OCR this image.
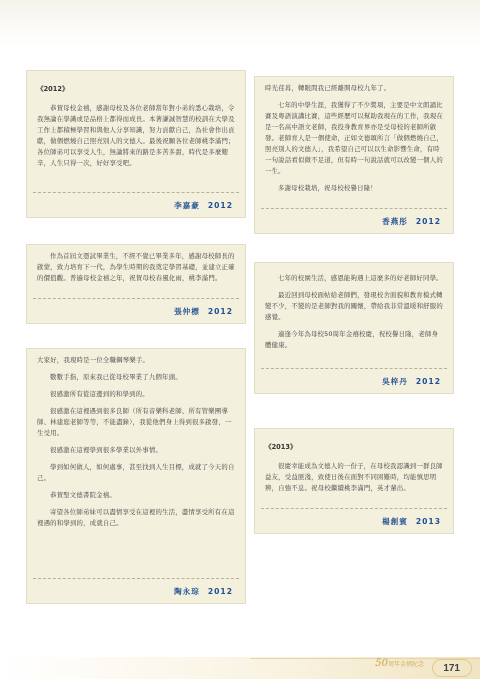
《2012》

恭賀母校金禧，感謝母校及各位老師當年對小弟的悉心栽培，令我無論在學識或是品格上都得而成長。本著謙誠智慧的校訓在大學及工作上都積極學習和與他人分享知識，努力貢獻自己，為社會作出貢獻，做個燃燒自己照亮別人的文德人。最後祝願各位老師桃李滿門；各位師弟可以享受人生，無論將來的路是多苦多甜，時代是多麼艱辛，人生只得一次，好好享受吧。

李嘉豪 2012

作為首屆文憑試畢業生，不經不覺已畢業多年，感謝母校師長的啟蒙，致力培育下一代，為學生時期的我奠定學習基礎，並建立正確的價值觀。普遍母校金禧之年，祝賀母校春風化雨，桃李滿門。

張仲標 2012

大家好，我現時是一位全職鋼琴樂手。

數數手指，原來我已從母校畢業了九個年頭。

很感激所有從這邊到的和學到的。

很感激在這裡遇到很多良師（所有音樂科老師、所有管樂團導師、林建庭老師等等，不能盡錄），我從他們身上得到很多啟發，一生受用。

很感激在這裡學到很多學業以外事情。

學到如何做人，如何處事，甚至找到人生目標，成就了今天的自己。

恭賀聖文德書院金禧。

寄望各位師弟妹可以盡情享受在這裡的生活，盡情享受所有在這裡遇的和學到的，成就自己。

陶永琮 2012

時光荏苒，轉眼間我已經離開母校九年了。

七年的中學生涯，我獲得了不少獎項，主要是中文朗誦比賽及粵語演講比賽，這些經歷可以幫助我現在的工作，我現在是一名高中語文老師，我投身教育界亦是受母校的老師所啟發。老師育人是一個使命，正如文德頌所言「做個燃燒自己，照亮別人的文德人」，我希望自己可以以生命影響生命，有時一句說話看似微不足道，但有時一句說話就可以改變一個人的一生。

多謝母校栽培，祝母校校譽日隆！

香燕彤 2012

七年的校園生活，感恩能夠遇上這麼多的好老師好同學。

最近回到母校面帖給老師們，發現校舍面貌和教育模式轉變不少，不變的是老師對我的關懷，帶給我非常溫暖和舒服的感覺。

適逢今年為母校50周年金禧校慶，祝校譽日隆，老師身體健康。

吳梓丹 2012
《2013》

很慶幸能成為文德人的一份子，在母校我認識到一群良師益友，受益匪淺，致使日後在面對不同困難時，均能慎思明辨，自強不息。祝母校繼續桃李滿門，英才輩出。

楊創賓 2013
50周年金禧紀念 171
